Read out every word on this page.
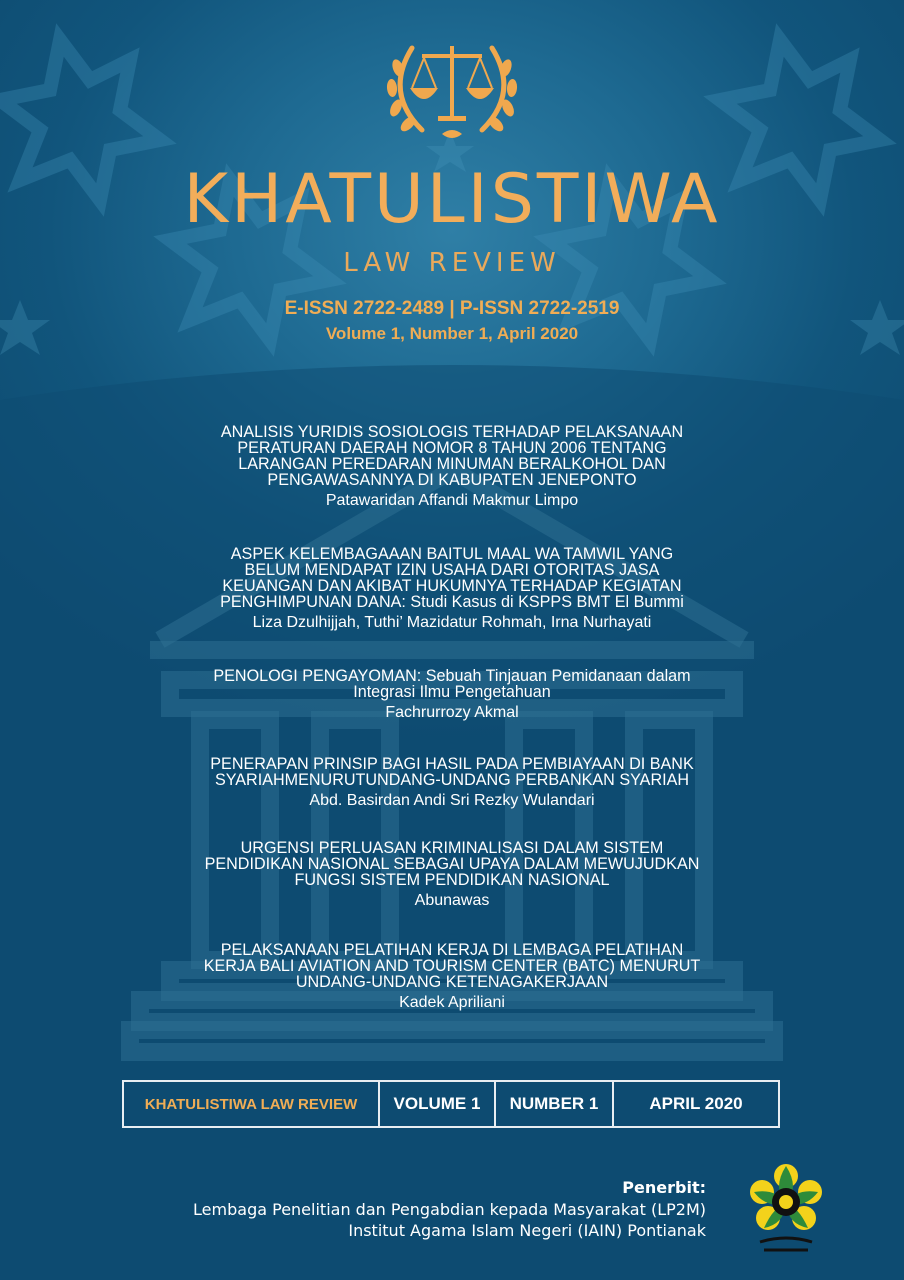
KHATULISTIWA
LAW REVIEW
E-ISSN 2722-2489 | P-ISSN 2722-2519
Volume 1, Number 1, April 2020
ANALISIS YURIDIS SOSIOLOGIS TERHADAP PELAKSANAAN
PERATURAN DAERAH NOMOR 8 TAHUN 2006 TENTANG
LARANGAN PEREDARAN MINUMAN BERALKOHOL DAN
PENGAWASANNYA DI KABUPATEN JENEPONTO
Patawaridan Affandi Makmur Limpo
ASPEK KELEMBAGAAAN BAITUL MAAL WA TAMWIL YANG
BELUM MENDAPAT IZIN USAHA DARI OTORITAS JASA
KEUANGAN DAN AKIBAT HUKUMNYA TERHADAP KEGIATAN
PENGHIMPUNAN DANA: Studi Kasus di KSPPS BMT El Bummi
Liza Dzulhijjah, Tuthi’ Mazidatur Rohmah, Irna Nurhayati
PENOLOGI PENGAYOMAN: Sebuah Tinjauan Pemidanaan dalam
Integrasi Ilmu Pengetahuan
Fachrurrozy Akmal
PENERAPAN PRINSIP BAGI HASIL PADA PEMBIAYAAN DI BANK
SYARIAHMENURUTUNDANG-UNDANG PERBANKAN SYARIAH
Abd. Basirdan Andi Sri Rezky Wulandari
URGENSI PERLUASAN KRIMINALISASI DALAM SISTEM
PENDIDIKAN NASIONAL SEBAGAI UPAYA DALAM MEWUJUDKAN
FUNGSI SISTEM PENDIDIKAN NASIONAL
Abunawas
PELAKSANAAN PELATIHAN KERJA DI LEMBAGA PELATIHAN
KERJA BALI AVIATION AND TOURISM CENTER (BATC) MENURUT
UNDANG-UNDANG KETENAGAKERJAAN
Kadek Apriliani
KHATULISTIWA LAW REVIEW	VOLUME 1	NUMBER 1	APRIL 2020
Penerbit:
Lembaga Penelitian dan Pengabdian kepada Masyarakat (LP2M)
Institut Agama Islam Negeri (IAIN) Pontianak
